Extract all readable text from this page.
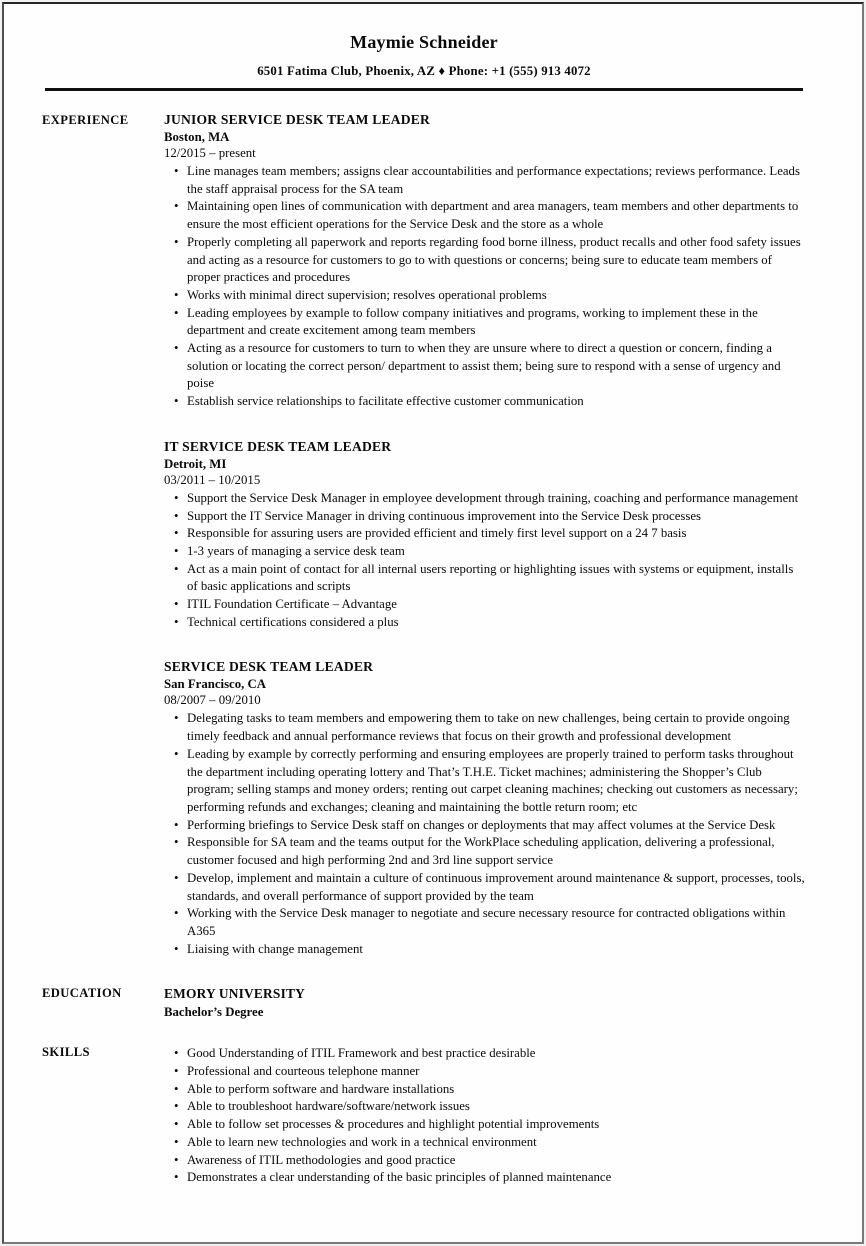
Maymie Schneider
6501 Fatima Club, Phoenix, AZ ♦ Phone: +1 (555) 913 4072
EXPERIENCE	JUNIOR SERVICE DESK TEAM LEADER
Boston, MA
12/2015 – present
• Line manages team members; assigns clear accountabilities and performance expectations; reviews performance. Leads the staff appraisal process for the SA team
• Maintaining open lines of communication with department and area managers, team members and other departments to ensure the most efficient operations for the Service Desk and the store as a whole
• Properly completing all paperwork and reports regarding food borne illness, product recalls and other food safety issues and acting as a resource for customers to go to with questions or concerns; being sure to educate team members of proper practices and procedures
• Works with minimal direct supervision; resolves operational problems
• Leading employees by example to follow company initiatives and programs, working to implement these in the department and create excitement among team members
• Acting as a resource for customers to turn to when they are unsure where to direct a question or concern, finding a solution or locating the correct person/ department to assist them; being sure to respond with a sense of urgency and poise
• Establish service relationships to facilitate effective customer communication
IT SERVICE DESK TEAM LEADER
Detroit, MI
03/2011 – 10/2015
• Support the Service Desk Manager in employee development through training, coaching and performance management
• Support the IT Service Manager in driving continuous improvement into the Service Desk processes
• Responsible for assuring users are provided efficient and timely first level support on a 24 7 basis
• 1-3 years of managing a service desk team
• Act as a main point of contact for all internal users reporting or highlighting issues with systems or equipment, installs of basic applications and scripts
• ITIL Foundation Certificate – Advantage
• Technical certifications considered a plus
SERVICE DESK TEAM LEADER
San Francisco, CA
08/2007 – 09/2010
• Delegating tasks to team members and empowering them to take on new challenges, being certain to provide ongoing timely feedback and annual performance reviews that focus on their growth and professional development
• Leading by example by correctly performing and ensuring employees are properly trained to perform tasks throughout the department including operating lottery and That’s T.H.E. Ticket machines; administering the Shopper’s Club program; selling stamps and money orders; renting out carpet cleaning machines; checking out customers as necessary; performing refunds and exchanges; cleaning and maintaining the bottle return room; etc
• Performing briefings to Service Desk staff on changes or deployments that may affect volumes at the Service Desk
• Responsible for SA team and the teams output for the WorkPlace scheduling application, delivering a professional, customer focused and high performing 2nd and 3rd line support service
• Develop, implement and maintain a culture of continuous improvement around maintenance & support, processes, tools, standards, and overall performance of support provided by the team
• Working with the Service Desk manager to negotiate and secure necessary resource for contracted obligations within A365
• Liaising with change management
EDUCATION	EMORY UNIVERSITY
Bachelor’s Degree
SKILLS	• Good Understanding of ITIL Framework and best practice desirable
• Professional and courteous telephone manner
• Able to perform software and hardware installations
• Able to troubleshoot hardware/software/network issues
• Able to follow set processes & procedures and highlight potential improvements
• Able to learn new technologies and work in a technical environment
• Awareness of ITIL methodologies and good practice
• Demonstrates a clear understanding of the basic principles of planned maintenance
